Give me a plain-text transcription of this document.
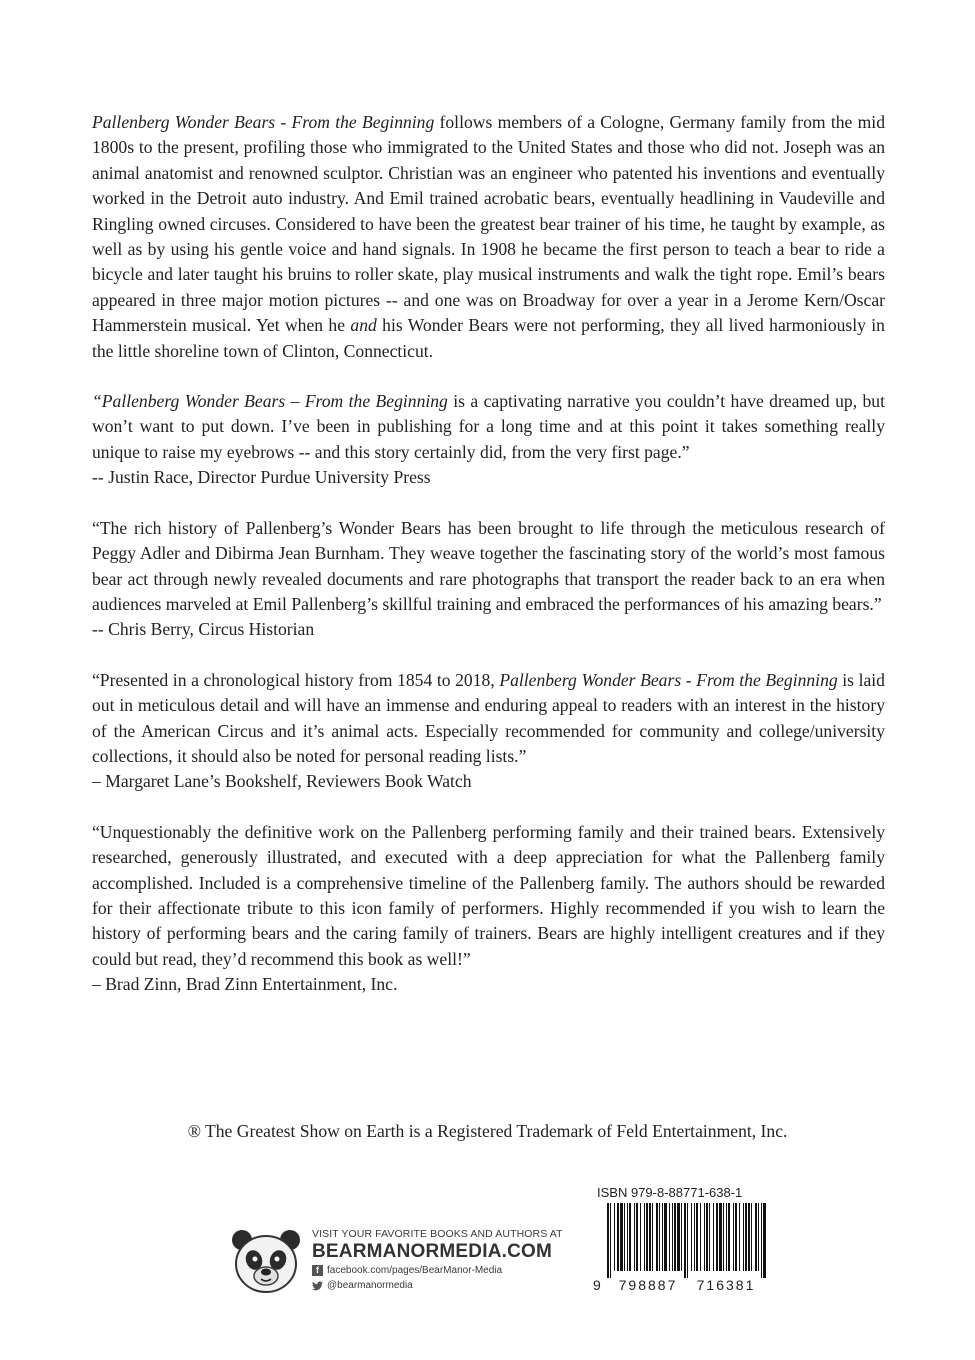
Pallenberg Wonder Bears - From the Beginning follows members of a Cologne, Germany family from the mid 1800s to the present, profiling those who immigrated to the United States and those who did not. Joseph was an animal anatomist and renowned sculptor. Christian was an engineer who patented his inventions and eventually worked in the Detroit auto industry. And Emil trained acrobatic bears, eventually headlining in Vaudeville and Ringling owned circuses. Considered to have been the greatest bear trainer of his time, he taught by example, as well as by using his gentle voice and hand signals. In 1908 he became the first person to teach a bear to ride a bicycle and later taught his bruins to roller skate, play musical instruments and walk the tight rope. Emil’s bears appeared in three major motion pictures -- and one was on Broadway for over a year in a Jerome Kern/Oscar Hammerstein musical. Yet when he and his Wonder Bears were not performing, they all lived harmoniously in the little shoreline town of Clinton, Connecticut.

“Pallenberg Wonder Bears – From the Beginning is a captivating narrative you couldn’t have dreamed up, but won’t want to put down. I’ve been in publishing for a long time and at this point it takes something really unique to raise my eyebrows -- and this story certainly did, from the very first page.”

-- Justin Race, Director Purdue University Press

“The rich history of Pallenberg’s Wonder Bears has been brought to life through the meticulous research of Peggy Adler and Dibirma Jean Burnham. They weave together the fascinating story of the world’s most famous bear act through newly revealed documents and rare photographs that transport the reader back to an era when audiences marveled at Emil Pallenberg’s skillful training and embraced the performances of his amazing bears.”

-- Chris Berry, Circus Historian

“Presented in a chronological history from 1854 to 2018, Pallenberg Wonder Bears - From the Beginning is laid out in meticulous detail and will have an immense and enduring appeal to readers with an interest in the history of the American Circus and it’s animal acts. Especially recommended for community and college/university collections, it should also be noted for personal reading lists.”

– Margaret Lane’s Bookshelf, Reviewers Book Watch

“Unquestionably the definitive work on the Pallenberg performing family and their trained bears. Extensively researched, generously illustrated, and executed with a deep appreciation for what the Pallenberg family accomplished. Included is a comprehensive timeline of the Pallenberg family. The authors should be rewarded for their affectionate tribute to this icon family of performers. Highly recommended if you wish to learn the history of performing bears and the caring family of trainers. Bears are highly intelligent creatures and if they could but read, they’d recommend this book as well!”

– Brad Zinn, Brad Zinn Entertainment, Inc.

® The Greatest Show on Earth is a Registered Trademark of Feld Entertainment, Inc.
VISIT YOUR FAVORITE BOOKS AND AUTHORS AT
BEARMANORMEDIA.COM
f facebook.com/pages/BearManor-Media
@bearmanormedia
ISBN 979-8-88771-638-1
9	798887	716381
